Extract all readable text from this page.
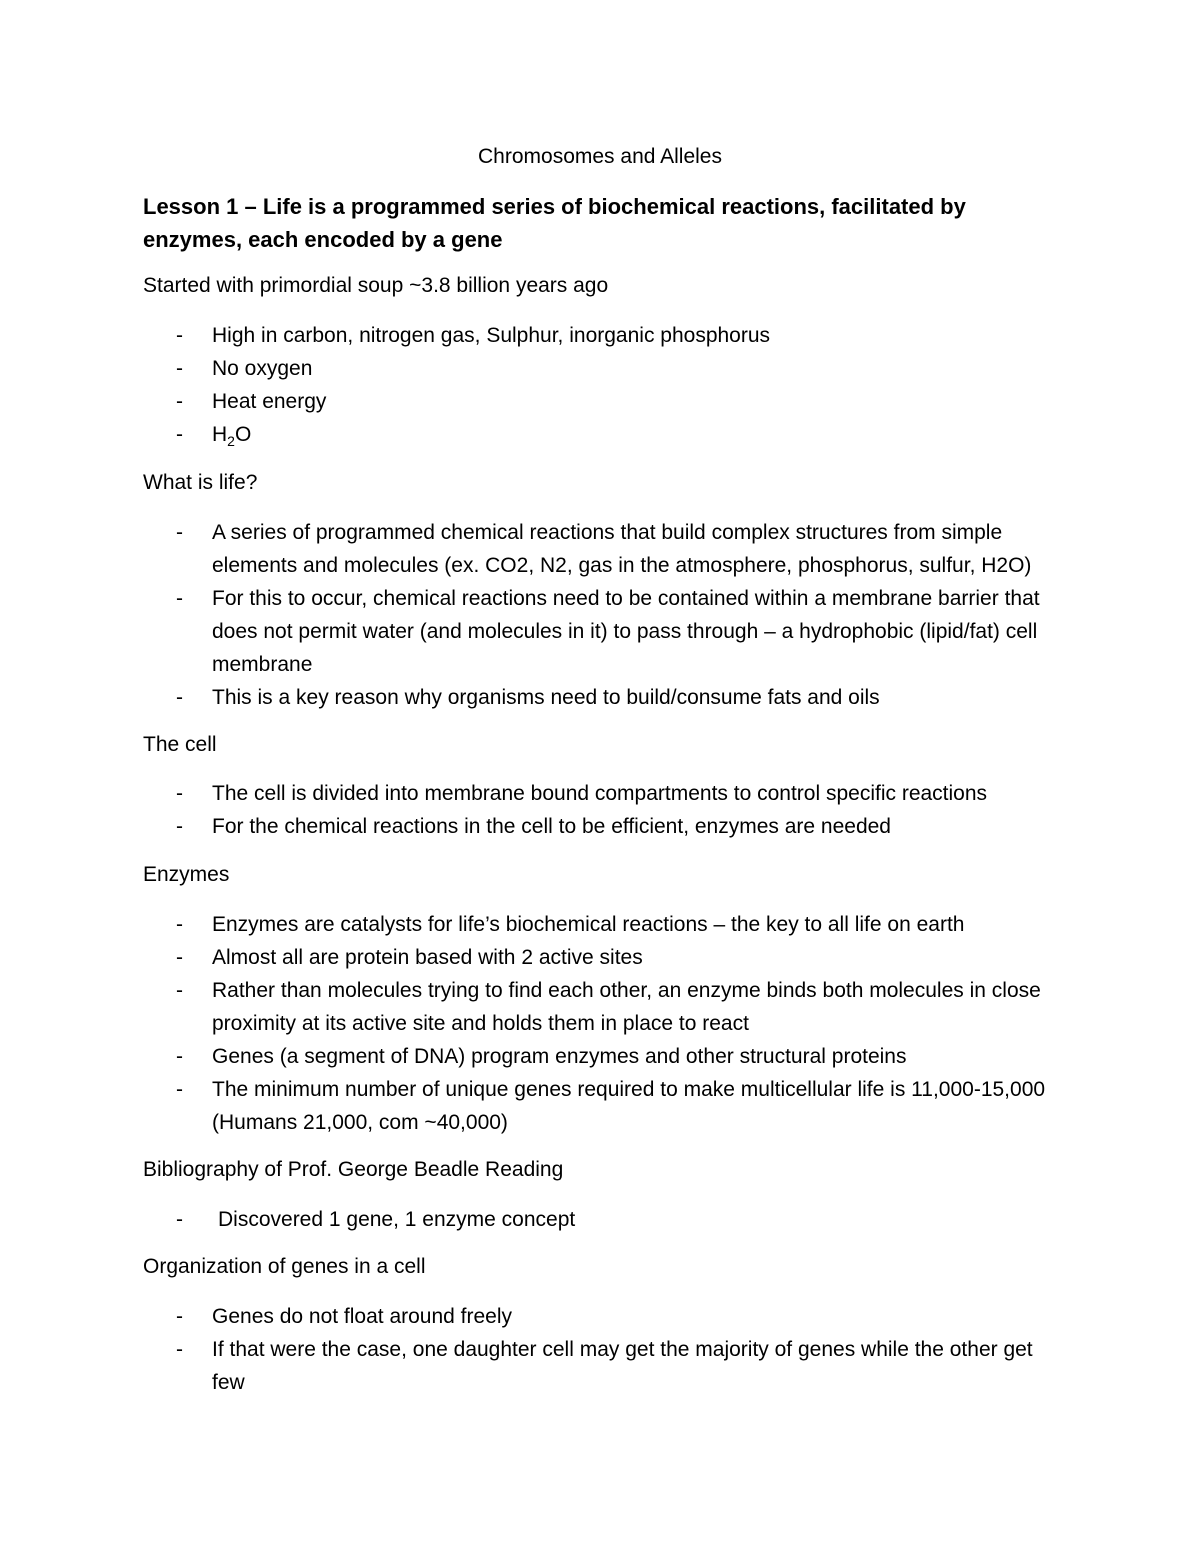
Chromosomes and Alleles

Lesson 1 – Life is a programmed series of biochemical reactions, facilitated by enzymes, each encoded by a gene

Started with primordial soup ~3.8 billion years ago

- High in carbon, nitrogen gas, Sulphur, inorganic phosphorus
- No oxygen
- Heat energy
- $H_2O$

What is life?

- A series of programmed chemical reactions that build complex structures from simple elements and molecules (ex. CO2, N2, gas in the atmosphere, phosphorus, sulfur, H2O)
- For this to occur, chemical reactions need to be contained within a membrane barrier that does not permit water (and molecules in it) to pass through – a hydrophobic (lipid/fat) cell membrane
- This is a key reason why organisms need to build/consume fats and oils

The cell

- The cell is divided into membrane bound compartments to control specific reactions
- For the chemical reactions in the cell to be efficient, enzymes are needed

Enzymes

- Enzymes are catalysts for life’s biochemical reactions – the key to all life on earth
- Almost all are protein based with 2 active sites
- Rather than molecules trying to find each other, an enzyme binds both molecules in close proximity at its active site and holds them in place to react
- Genes (a segment of DNA) program enzymes and other structural proteins
- The minimum number of unique genes required to make multicellular life is 11,000-15,000 (Humans 21,000, com ~40,000)

Bibliography of Prof. George Beadle Reading

- Discovered 1 gene, 1 enzyme concept

Organization of genes in a cell

- Genes do not float around freely
- If that were the case, one daughter cell may get the majority of genes while the other get few
